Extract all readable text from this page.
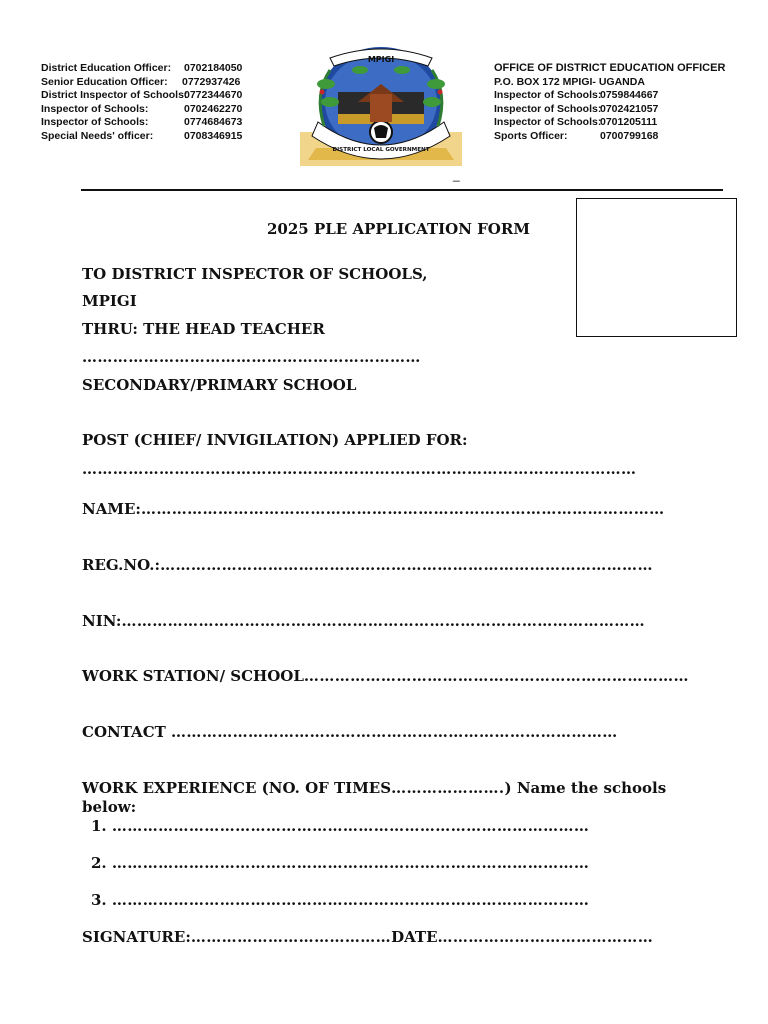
District Education Officer: 0702184050
Senior Education Officer: 0772937426
District Inspector of Schools:
0772344670
Inspector of Schools:	0702462270
Inspector of Schools:	0774684673
Special Needs' officer:	0708346915
MPIGI
DISTRICT LOCAL GOVERNMENT
OFFICE OF DISTRICT EDUCATION OFFICER
P.O. BOX 172 MPIGI- UGANDA
Inspector of Schools:
0759844667
Inspector of Schools:
0702421057
Inspector of Schools:
0701205111
Sports Officer:	0700799168
_
2025 PLE APPLICATION FORM
TO DISTRICT INSPECTOR OF SCHOOLS,
MPIGI
THRU: THE HEAD TEACHER
…………………………………………………………
SECONDARY/PRIMARY SCHOOL
POST (CHIEF/ INVIGILATION) APPLIED FOR:
………………………………………………………………………………………………
NAME:…………………………………………………………………………………………
REG.NO.:……………………………………………………………………………………
NIN:…………………………………………………………………………………………
WORK STATION/ SCHOOL…………………………………………………………………
CONTACT ……………………………………………………………………………
WORK EXPERIENCE (NO. OF TIMES………………….) Name the schools
below:
1. …………………………………………………………………………………
2. …………………………………………………………………………………
3. …………………………………………………………………………………
SIGNATURE:…………………………………DATE……………………………………
